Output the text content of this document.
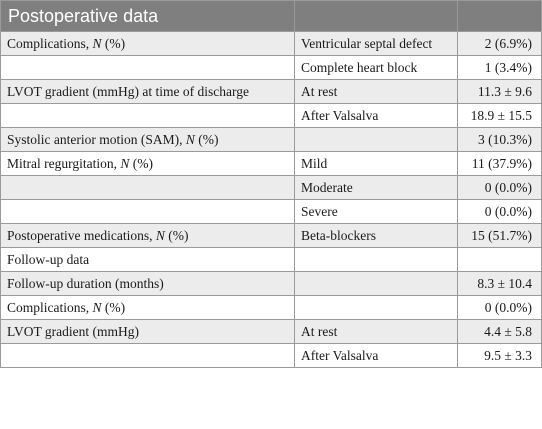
Postoperative data		
Complications, N (%)	Ventricular septal defect	2 (6.9%)
	Complete heart block	1 (3.4%)
LVOT gradient (mmHg) at time of discharge	At rest	11.3 ± 9.6
	After Valsalva	18.9 ± 15.5
Systolic anterior motion (SAM), N (%)		3 (10.3%)
Mitral regurgitation, N (%)	Mild	11 (37.9%)
	Moderate	0 (0.0%)
	Severe	0 (0.0%)
Postoperative medications, N (%)	Beta-blockers	15 (51.7%)
Follow-up data		
Follow-up duration (months)		8.3 ± 10.4
Complications, N (%)		0 (0.0%)
LVOT gradient (mmHg)	At rest	4.4 ± 5.8
	After Valsalva	9.5 ± 3.3
